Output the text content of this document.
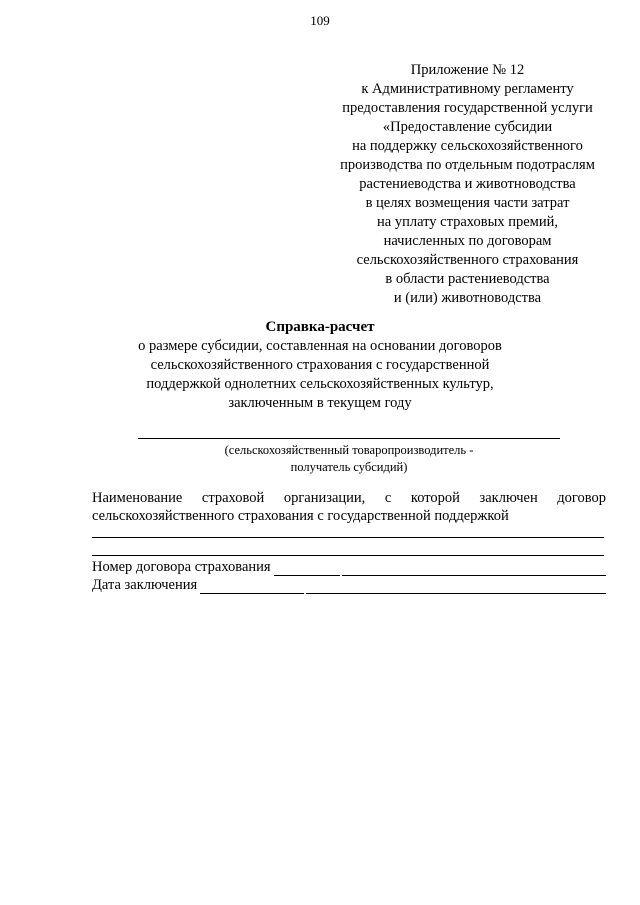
109
Приложение № 12
к Административному регламенту
предоставления государственной услуги
«Предоставление субсидии
на поддержку сельскохозяйственного
производства по отдельным подотраслям
растениеводства и животноводства
в целях возмещения части затрат
на уплату страховых премий,
начисленных по договорам
сельскохозяйственного страхования
в области растениеводства
и (или) животноводства
Справка-расчет
о размере субсидии, составленная на основании договоров
сельскохозяйственного страхования с государственной
поддержкой однолетних сельскохозяйственных культур,
заключенным в текущем году
(сельскохозяйственный товаропроизводитель -
получатель субсидий)
Наименование страховой организации, с которой заключен договор
сельскохозяйственного страхования с государственной поддержкой
Номер договора страхования
Дата заключения
